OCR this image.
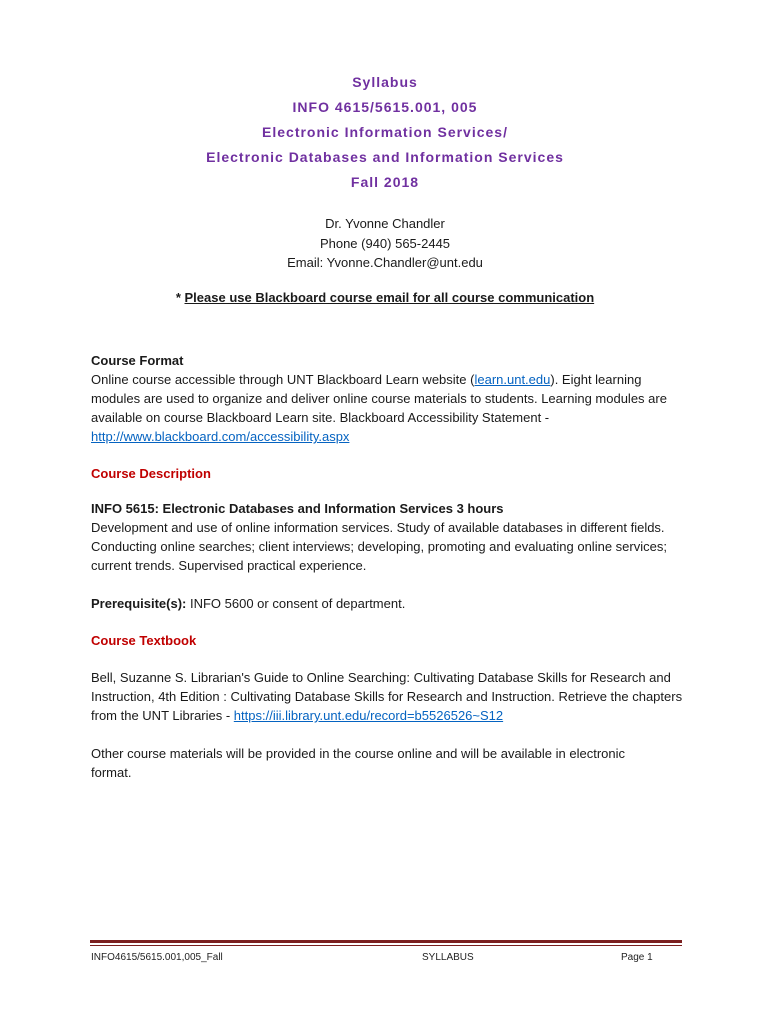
Syllabus
INFO 4615/5615.001, 005
Electronic Information Services/
Electronic Databases and Information Services
Fall 2018
Dr. Yvonne Chandler
Phone (940) 565-2445
Email: Yvonne.Chandler@unt.edu
* Please use Blackboard course email for all course communication
Course Format
Online course accessible through UNT Blackboard Learn website (learn.unt.edu). Eight learning modules are used to organize and deliver online course materials to students. Learning modules are available on course Blackboard Learn site. Blackboard Accessibility Statement - http://www.blackboard.com/accessibility.aspx
Course Description
INFO 5615: Electronic Databases and Information Services 3 hours
Development and use of online information services. Study of available databases in different fields. Conducting online searches; client interviews; developing, promoting and evaluating online services; current trends. Supervised practical experience.
Prerequisite(s): INFO 5600 or consent of department.
Course Textbook
Bell, Suzanne S. Librarian's Guide to Online Searching: Cultivating Database Skills for Research and Instruction, 4th Edition : Cultivating Database Skills for Research and Instruction. Retrieve the chapters from the UNT Libraries - https://iii.library.unt.edu/record=b5526526~S12
Other course materials will be provided in the course online and will be available in electronic format.
INFO4615/5615.001,005_Fall	SYLLABUS	Page 1
